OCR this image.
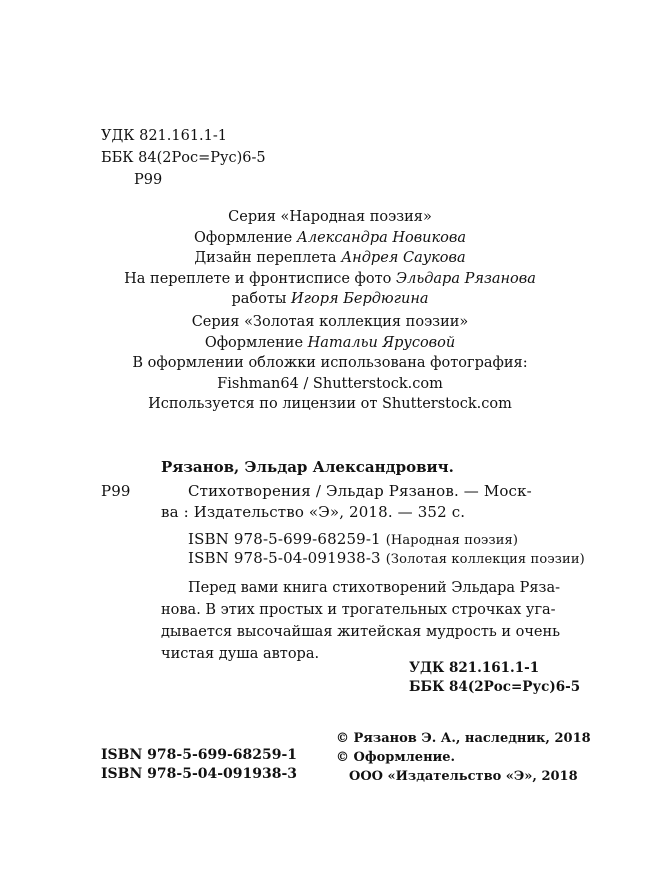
УДК 821.161.1-1
ББК 84(2Рос=Рус)6-5
Р99
Серия «Народная поэзия»
Оформление Александра Новикова
Дизайн переплета Андрея Саукова
На переплете и фронтисписе фото Эльдара Рязанова
работы Игоря Бердюгина
Серия «Золотая коллекция поэзии»
Оформление Натальи Ярусовой
В оформлении обложки использована фотография:
Fishman64 / Shutterstock.com
Используется по лицензии от Shutterstock.com
Рязанов, Эльдар Александрович.
Р99	Стихотворения / Эльдар Рязанов. — Моск-
ва : Издательство «Э», 2018. — 352 с.
ISBN 978-5-699-68259-1 (Народная поэзия)
ISBN 978-5-04-091938-3 (Золотая коллекция поэзии)
Перед вами книга стихотворений Эльдара Ряза-
нова. В этих простых и трогательных строчках уга-
дывается высочайшая житейская мудрость и очень
чистая душа автора.
УДК 821.161.1-1
ББК 84(2Рос=Рус)6-5
ISBN 978-5-699-68259-1
ISBN 978-5-04-091938-3
© Рязанов Э. А., наследник, 2018
© Оформление.
ООО «Издательство «Э», 2018
